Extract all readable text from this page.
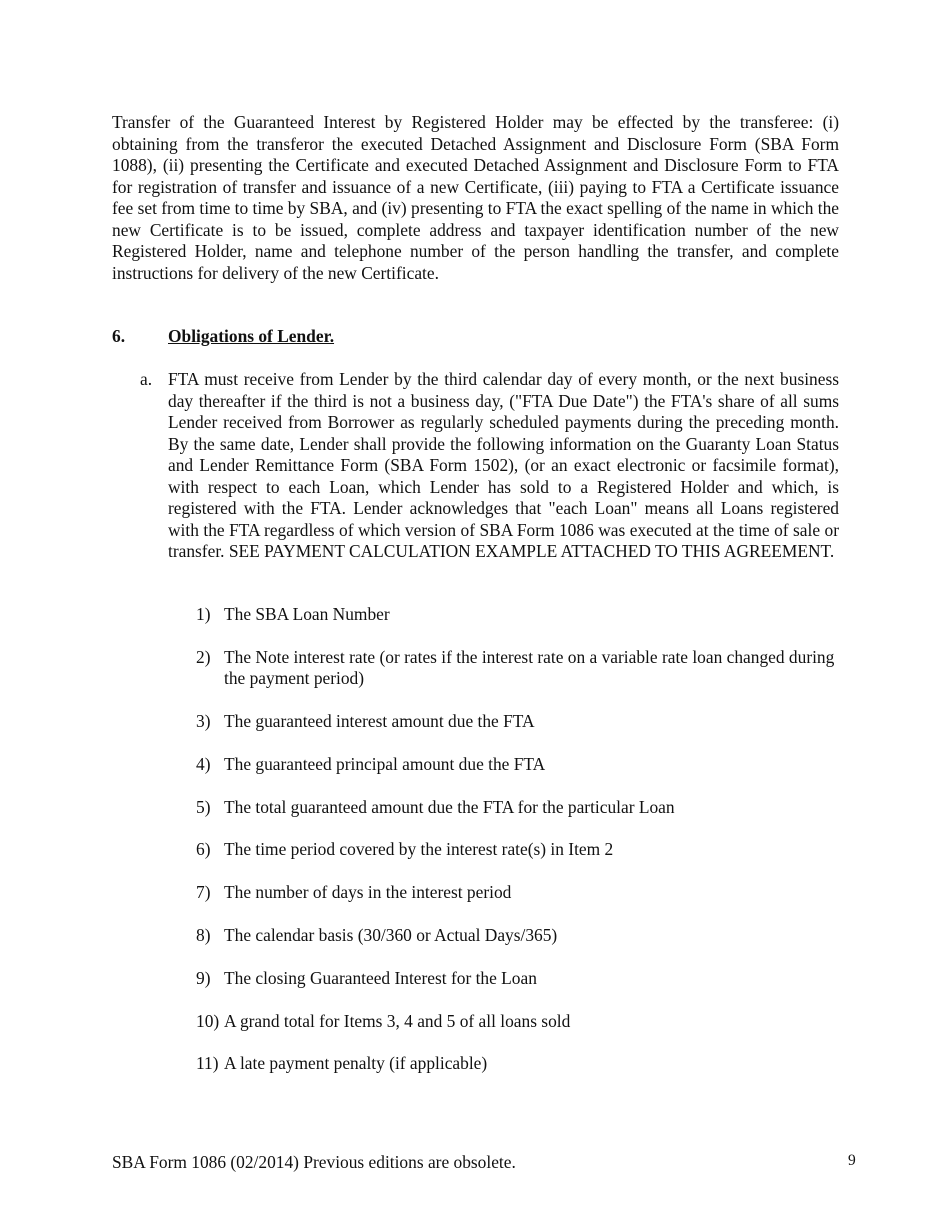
Transfer of the Guaranteed Interest by Registered Holder may be effected by the transferee: (i) obtaining from the transferor the executed Detached Assignment and Disclosure Form (SBA Form 1088), (ii) presenting the Certificate and executed Detached Assignment and Disclosure Form to FTA for registration of transfer and issuance of a new Certificate, (iii) paying to FTA a Certificate issuance fee set from time to time by SBA, and (iv) presenting to FTA the exact spelling of the name in which the new Certificate is to be issued, complete address and taxpayer identification number of the new Registered Holder, name and telephone number of the person handling the transfer, and complete instructions for delivery of the new Certificate.

6. Obligations of Lender.
a. FTA must receive from Lender by the third calendar day of every month, or the next business day thereafter if the third is not a business day, ("FTA Due Date") the FTA's share of all sums Lender received from Borrower as regularly scheduled payments during the preceding month. By the same date, Lender shall provide the following information on the Guaranty Loan Status and Lender Remittance Form (SBA Form 1502), (or an exact electronic or facsimile format), with respect to each Loan, which Lender has sold to a Registered Holder and which, is registered with the FTA. Lender acknowledges that "each Loan" means all Loans registered with the FTA regardless of which version of SBA Form 1086 was executed at the time of sale or transfer. SEE PAYMENT CALCULATION EXAMPLE ATTACHED TO THIS AGREEMENT.
1) The SBA Loan Number
2) The Note interest rate (or rates if the interest rate on a variable rate loan changed during the payment period)
3) The guaranteed interest amount due the FTA
4) The guaranteed principal amount due the FTA
5) The total guaranteed amount due the FTA for the particular Loan
6) The time period covered by the interest rate(s) in Item 2
7) The number of days in the interest period
8) The calendar basis (30/360 or Actual Days/365)
9) The closing Guaranteed Interest for the Loan
10) A grand total for Items 3, 4 and 5 of all loans sold
11) A late payment penalty (if applicable)

SBA Form 1086 (02/2014) Previous editions are obsolete.	9
